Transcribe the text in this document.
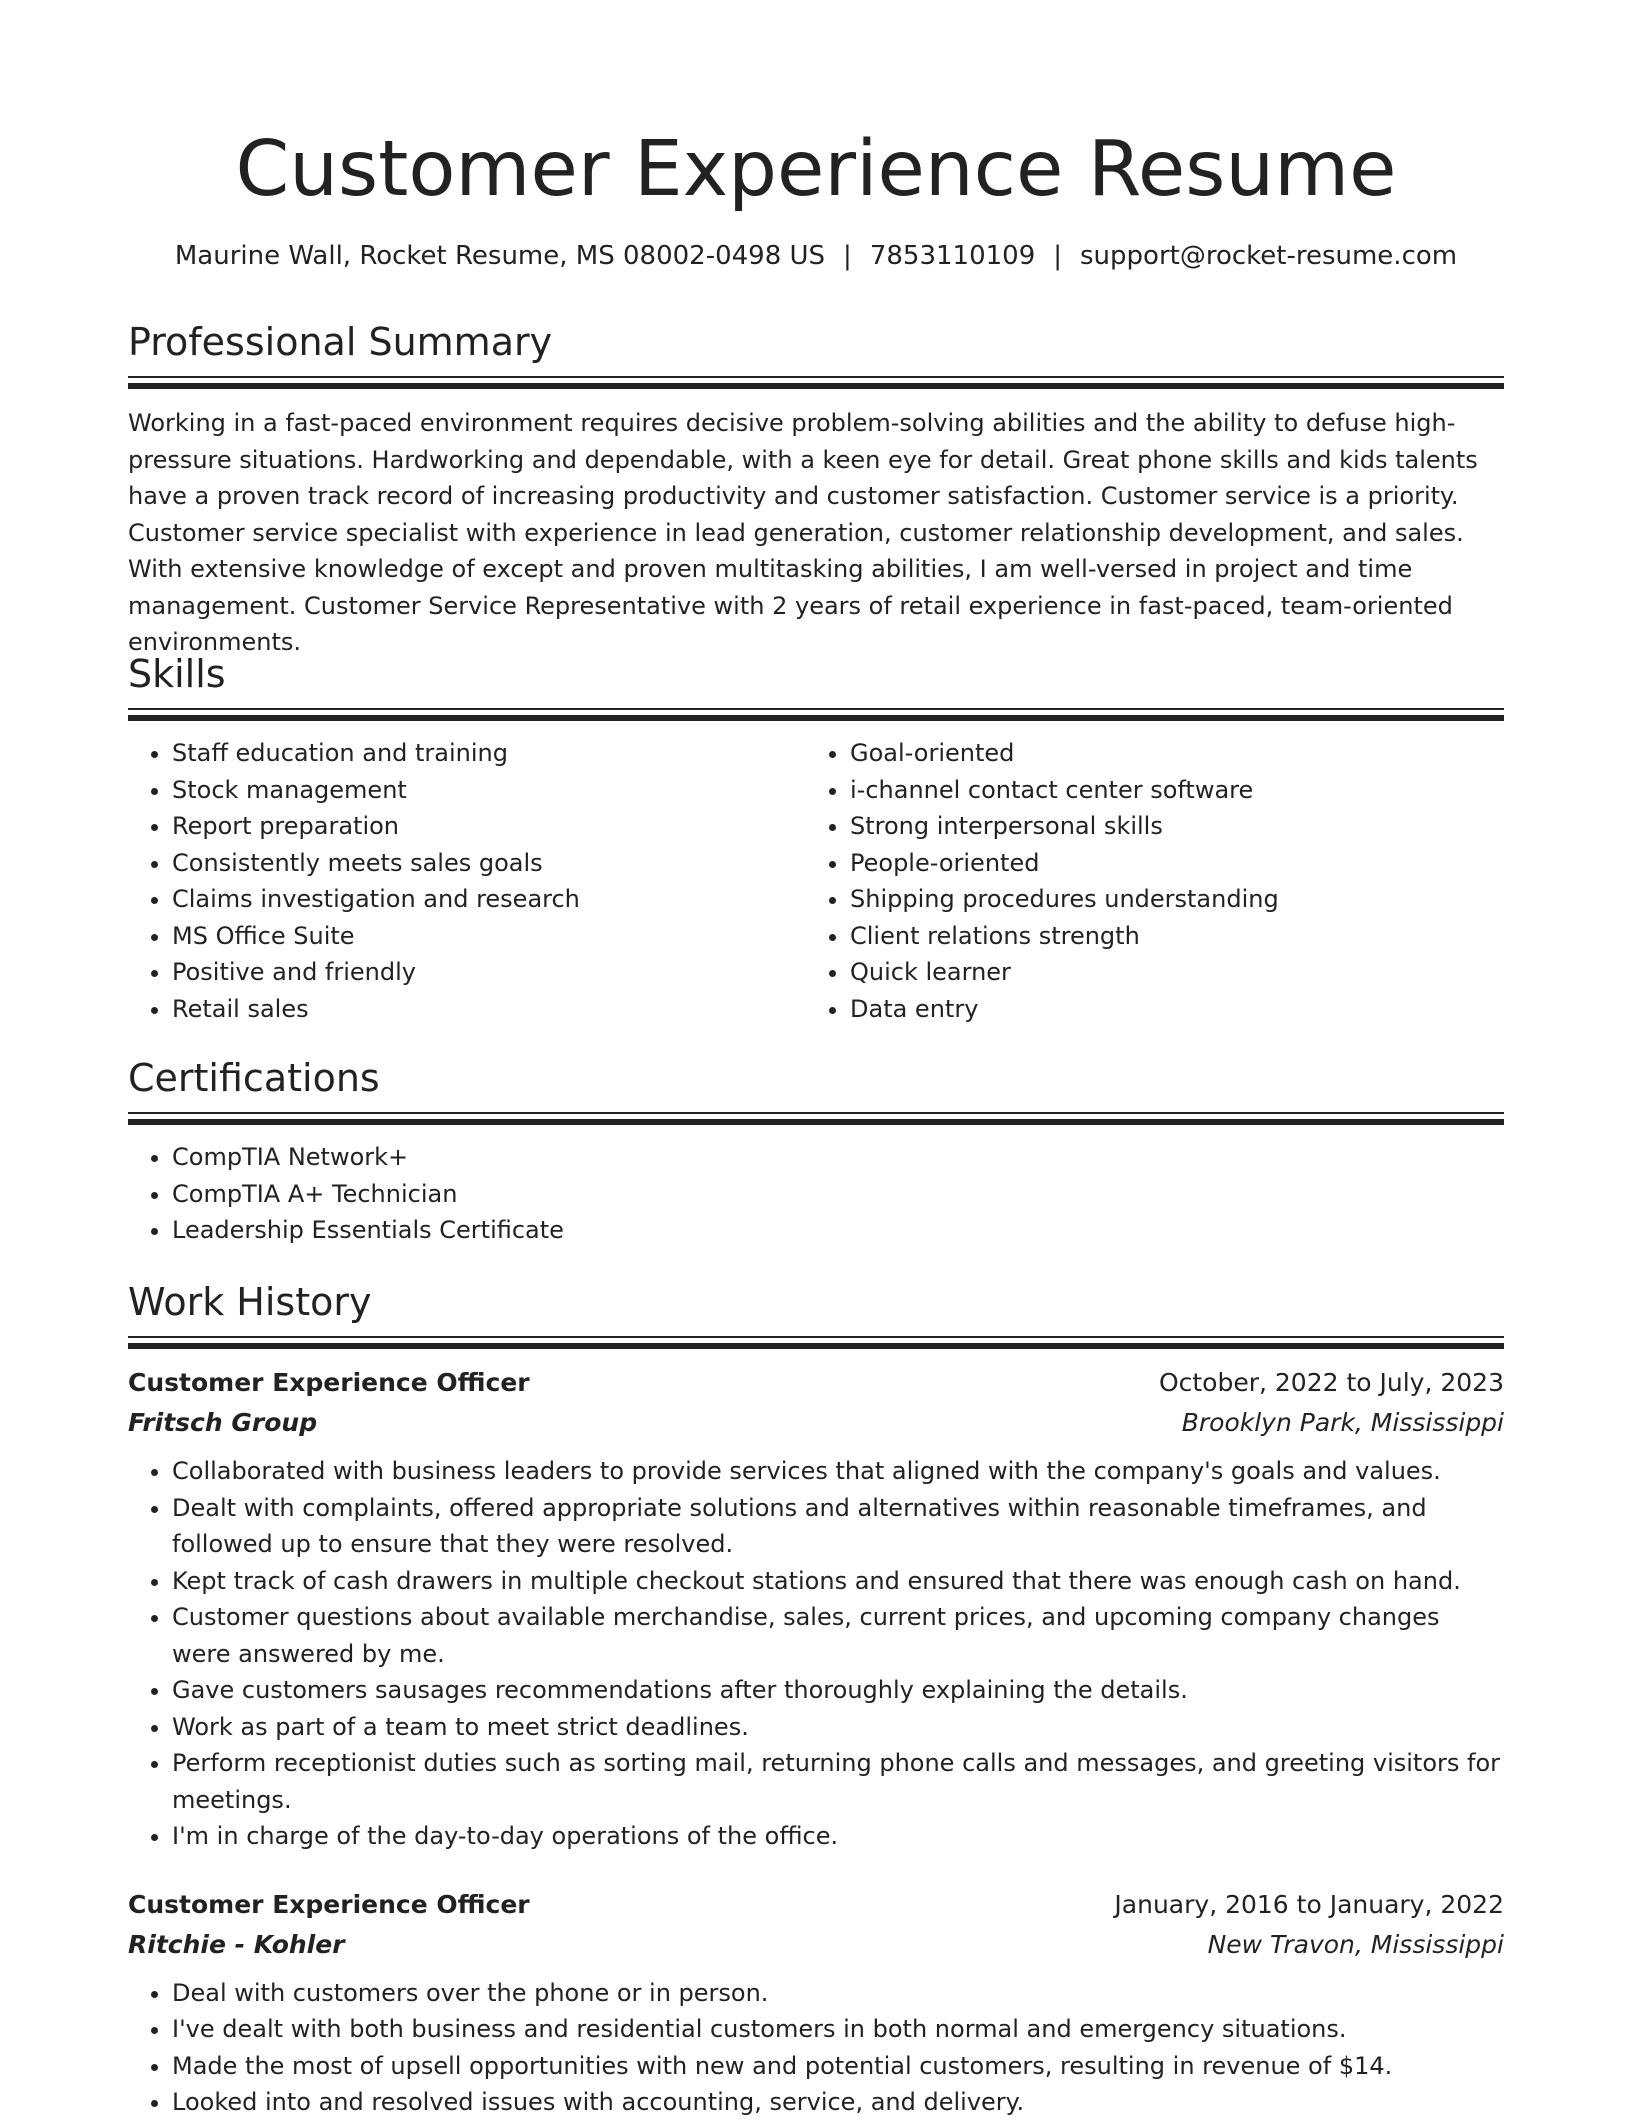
Customer Experience Resume
Maurine Wall, Rocket Resume, MS 08002-0498 US | 7853110109 | support@rocket-resume.com
Professional Summary

Working in a fast-paced environment requires decisive problem-solving abilities and the ability to defuse high-pressure situations. Hardworking and dependable, with a keen eye for detail. Great phone skills and kids talents have a proven track record of increasing productivity and customer satisfaction. Customer service is a priority. Customer service specialist with experience in lead generation, customer relationship development, and sales. With extensive knowledge of except and proven multitasking abilities, I am well-versed in project and time management. Customer Service Representative with 2 years of retail experience in fast-paced, team-oriented environments.

Skills
• Staff education and training
• Stock management
• Report preparation
• Consistently meets sales goals
• Claims investigation and research
• MS Office Suite
• Positive and friendly
• Retail sales
• Goal-oriented
• i-channel contact center software
• Strong interpersonal skills
• People-oriented
• Shipping procedures understanding
• Client relations strength
• Quick learner
• Data entry
Certifications
• CompTIA Network+
• CompTIA A+ Technician
• Leadership Essentials Certificate
Work History
Customer Experience Officer	October, 2022 to July, 2023
Fritsch Group	Brooklyn Park, Mississippi
• Collaborated with business leaders to provide services that aligned with the company's goals and values.
• Dealt with complaints, offered appropriate solutions and alternatives within reasonable timeframes, and followed up to ensure that they were resolved.
• Kept track of cash drawers in multiple checkout stations and ensured that there was enough cash on hand.
• Customer questions about available merchandise, sales, current prices, and upcoming company changes were answered by me.
• Gave customers sausages recommendations after thoroughly explaining the details.
• Work as part of a team to meet strict deadlines.
• Perform receptionist duties such as sorting mail, returning phone calls and messages, and greeting visitors for meetings.
• I'm in charge of the day-to-day operations of the office.
Customer Experience Officer	January, 2016 to January, 2022
Ritchie - Kohler	New Travon, Mississippi
• Deal with customers over the phone or in person.
• I've dealt with both business and residential customers in both normal and emergency situations.
• Made the most of upsell opportunities with new and potential customers, resulting in revenue of $14.
• Looked into and resolved issues with accounting, service, and delivery.
